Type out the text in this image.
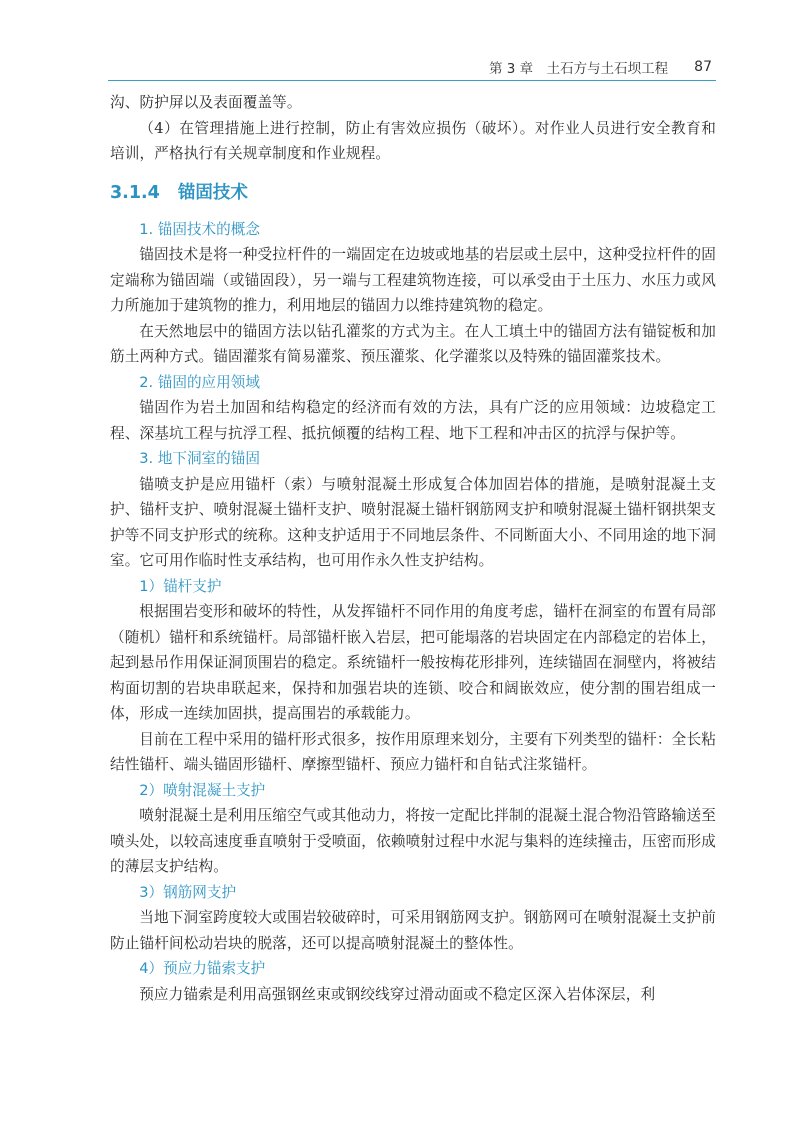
第 3 章　土石方与土石坝工程 87

沟、防护屏以及表面覆盖等。

（4）在管理措施上进行控制，防止有害效应损伤（破坏）。对作业人员进行安全教育和培训，严格执行有关规章制度和作业规程。

3.1.4 锚固技术

1. 锚固技术的概念

锚固技术是将一种受拉杆件的一端固定在边坡或地基的岩层或土层中，这种受拉杆件的固定端称为锚固端（或锚固段），另一端与工程建筑物连接，可以承受由于土压力、水压力或风力所施加于建筑物的推力，利用地层的锚固力以维持建筑物的稳定。

在天然地层中的锚固方法以钻孔灌浆的方式为主。在人工填土中的锚固方法有锚锭板和加筋土两种方式。锚固灌浆有简易灌浆、预压灌浆、化学灌浆以及特殊的锚固灌浆技术。

2. 锚固的应用领域

锚固作为岩土加固和结构稳定的经济而有效的方法，具有广泛的应用领域：边坡稳定工程、深基坑工程与抗浮工程、抵抗倾覆的结构工程、地下工程和冲击区的抗浮与保护等。

3. 地下洞室的锚固

锚喷支护是应用锚杆（索）与喷射混凝土形成复合体加固岩体的措施，是喷射混凝土支护、锚杆支护、喷射混凝土锚杆支护、喷射混凝土锚杆钢筋网支护和喷射混凝土锚杆钢拱架支护等不同支护形式的统称。这种支护适用于不同地层条件、不同断面大小、不同用途的地下洞室。它可用作临时性支承结构，也可用作永久性支护结构。

1）锚杆支护

根据围岩变形和破坏的特性，从发挥锚杆不同作用的角度考虑，锚杆在洞室的布置有局部（随机）锚杆和系统锚杆。局部锚杆嵌入岩层，把可能塌落的岩块固定在内部稳定的岩体上，起到悬吊作用保证洞顶围岩的稳定。系统锚杆一般按梅花形排列，连续锚固在洞壁内，将被结构面切割的岩块串联起来，保持和加强岩块的连锁、咬合和阔嵌效应，使分割的围岩组成一体，形成一连续加固拱，提高围岩的承载能力。

目前在工程中采用的锚杆形式很多，按作用原理来划分，主要有下列类型的锚杆：全长粘结性锚杆、端头锚固形锚杆、摩擦型锚杆、预应力锚杆和自钻式注浆锚杆。

2）喷射混凝土支护

喷射混凝土是利用压缩空气或其他动力，将按一定配比拌制的混凝土混合物沿管路输送至喷头处，以较高速度垂直喷射于受喷面，依赖喷射过程中水泥与集料的连续撞击，压密而形成的薄层支护结构。

3）钢筋网支护

当地下洞室跨度较大或围岩较破碎时，可采用钢筋网支护。钢筋网可在喷射混凝土支护前防止锚杆间松动岩块的脱落，还可以提高喷射混凝土的整体性。

4）预应力锚索支护

预应力锚索是利用高强钢丝束或钢绞线穿过滑动面或不稳定区深入岩体深层，利
